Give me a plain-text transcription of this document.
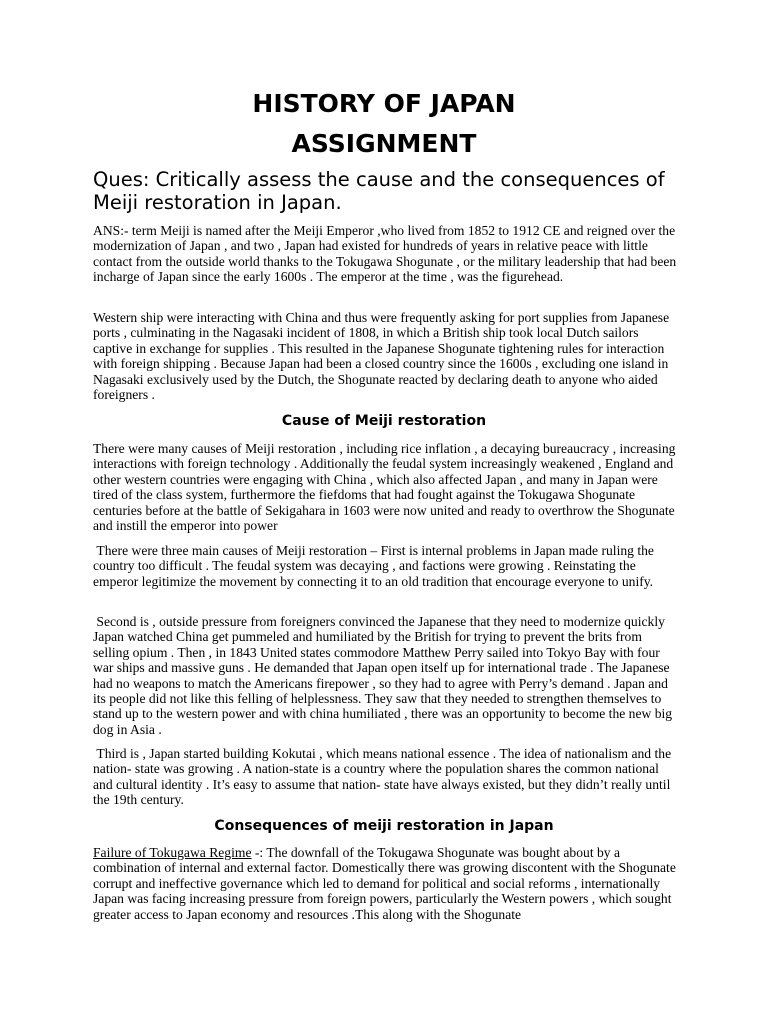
HISTORY OF JAPAN
ASSIGNMENT

Ques: Critically assess the cause and the consequences of Meiji restoration in Japan.

ANS:- term Meiji is named after the Meiji Emperor ,who lived from 1852 to 1912 CE and reigned over the modernization of Japan , and two , Japan had existed for hundreds of years in relative peace with little contact from the outside world thanks to the Tokugawa Shogunate , or the military leadership that had been incharge of Japan since the early 1600s . The emperor at the time , was the figurehead.

Western ship were interacting with China and thus were frequently asking for port supplies from Japanese ports , culminating in the Nagasaki incident of 1808, in which a British ship took local Dutch sailors captive in exchange for supplies . This resulted in the Japanese Shogunate tightening rules for interaction with foreign shipping . Because Japan had been a closed country since the 1600s , excluding one island in Nagasaki exclusively used by the Dutch, the Shogunate reacted by declaring death to anyone who aided foreigners .

Cause of Meiji restoration

There were many causes of Meiji restoration , including rice inflation , a decaying bureaucracy , increasing interactions with foreign technology . Additionally the feudal system increasingly weakened , England and other western countries were engaging with China , which also affected Japan , and many in Japan were tired of the class system, furthermore the fiefdoms that had fought against the Tokugawa Shogunate centuries before at the battle of Sekigahara in 1603 were now united and ready to overthrow the Shogunate and instill the emperor into power

There were three main causes of Meiji restoration – First is internal problems in Japan made ruling the country too difficult . The feudal system was decaying , and factions were growing . Reinstating the emperor legitimize the movement by connecting it to an old tradition that encourage everyone to unify.

Second is , outside pressure from foreigners convinced the Japanese that they need to modernize quickly Japan watched China get pummeled and humiliated by the British for trying to prevent the brits from selling opium . Then , in 1843 United states commodore Matthew Perry sailed into Tokyo Bay with four war ships and massive guns . He demanded that Japan open itself up for international trade . The Japanese had no weapons to match the Americans firepower , so they had to agree with Perry’s demand . Japan and its people did not like this felling of helplessness. They saw that they needed to strengthen themselves to stand up to the western power and with china humiliated , there was an opportunity to become the new big dog in Asia .

Third is , Japan started building Kokutai , which means national essence . The idea of nationalism and the nation- state was growing . A nation-state is a country where the population shares the common national and cultural identity . It’s easy to assume that nation- state have always existed, but they didn’t really until the 19th century.

Consequences of meiji restoration in Japan

Failure of Tokugawa Regime -: The downfall of the Tokugawa Shogunate was bought about by a combination of internal and external factor. Domestically there was growing discontent with the Shogunate corrupt and ineffective governance which led to demand for political and social reforms , internationally Japan was facing increasing pressure from foreign powers, particularly the Western powers , which sought greater access to Japan economy and resources .This along with the Shogunate
